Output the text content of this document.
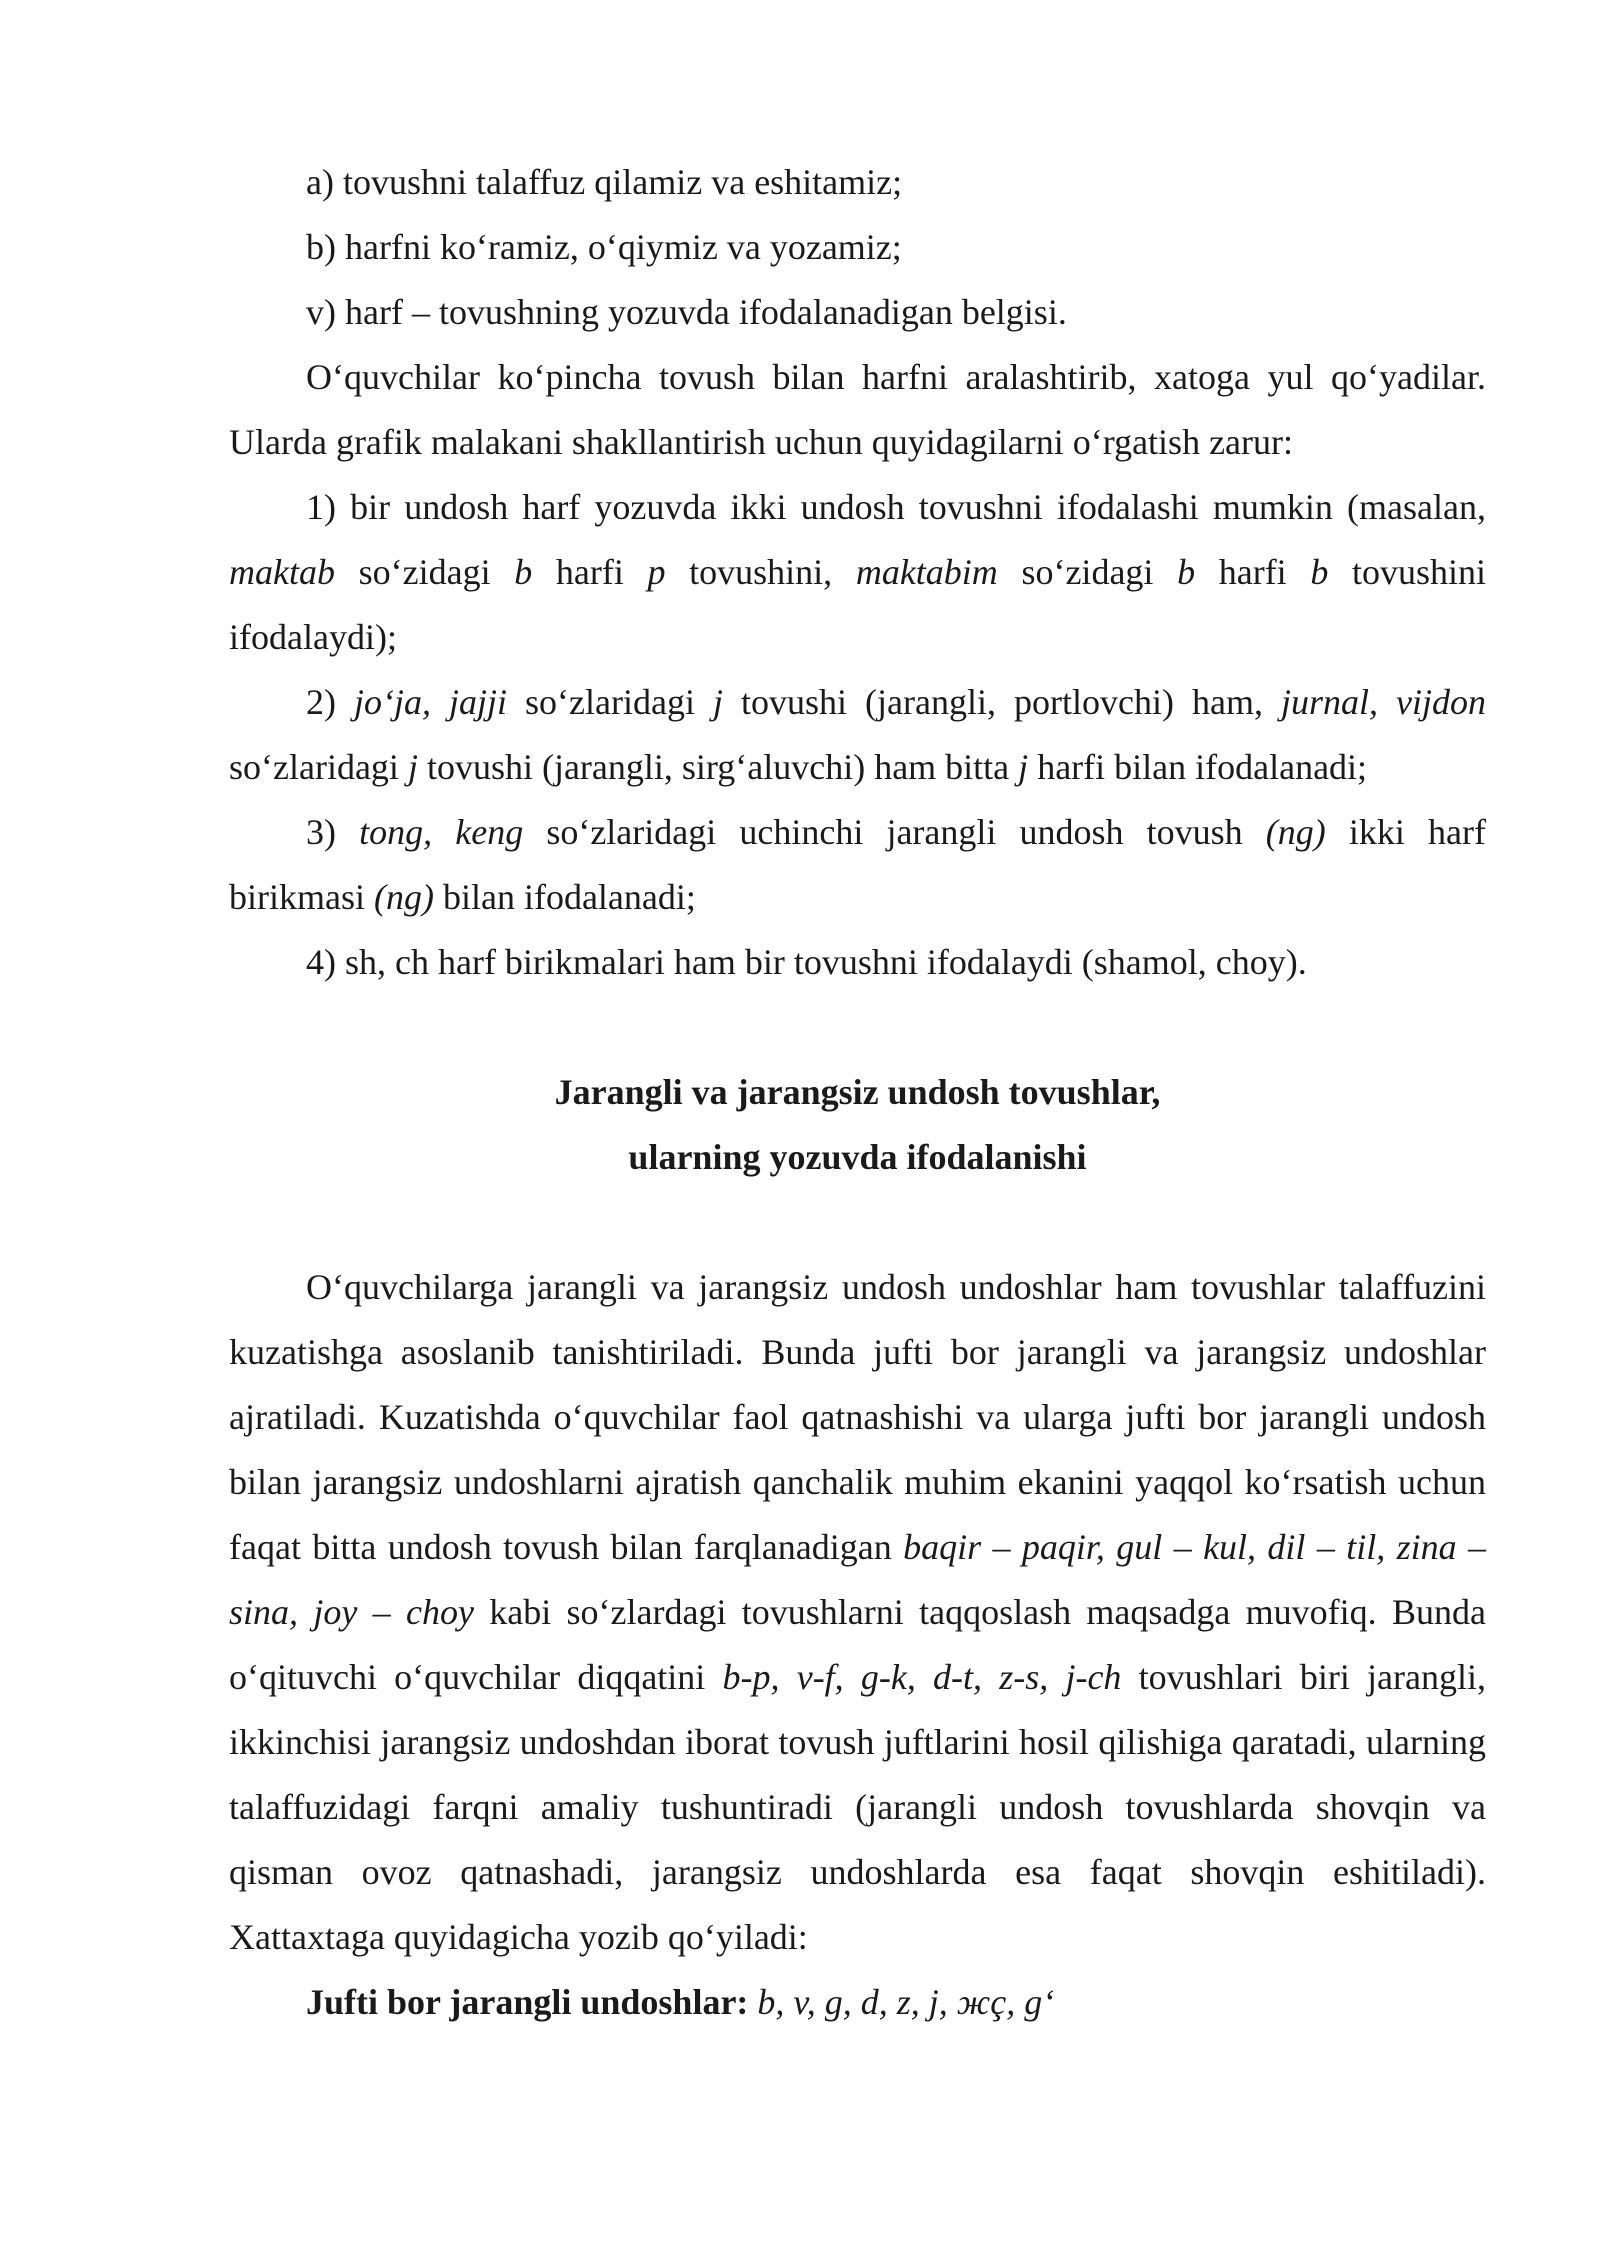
a) tovushni talaffuz qilamiz va eshitamiz;

b) harfni ko‘ramiz, o‘qiymiz va yozamiz;

v) harf – tovushning yozuvda ifodalanadigan belgisi.

O‘quvchilar ko‘pincha tovush bilan harfni aralashtirib, xatoga yul qo‘yadilar. Ularda grafik malakani shakllantirish uchun quyidagilarni o‘rgatish zarur:

1) bir undosh harf yozuvda ikki undosh tovushni ifodalashi mumkin (masalan, maktab so‘zidagi b harfi p tovushini, maktabim so‘zidagi b harfi b tovushini ifodalaydi);

2) jo‘ja, jajji so‘zlaridagi j tovushi (jarangli, portlovchi) ham, jurnal, vijdon so‘zlaridagi j tovushi (jarangli, sirg‘aluvchi) ham bitta j harfi bilan ifodalanadi;

3) tong, keng so‘zlaridagi uchinchi jarangli undosh tovush (ng) ikki harf birikmasi (ng) bilan ifodalanadi;

4) sh, ch harf birikmalari ham bir tovushni ifodalaydi (shamol, choy).

Jarangli va jarangsiz undosh tovushlar,
ularning yozuvda ifodalanishi

O‘quvchilarga jarangli va jarangsiz undosh undoshlar ham tovushlar talaffuzini kuzatishga asoslanib tanishtiriladi. Bunda jufti bor jarangli va jarangsiz undoshlar ajratiladi. Kuzatishda o‘quvchilar faol qatnashishi va ularga jufti bor jarangli undosh bilan jarangsiz undoshlarni ajratish qanchalik muhim ekanini yaqqol ko‘rsatish uchun faqat bitta undosh tovush bilan farqlanadigan baqir – paqir, gul – kul, dil – til, zina – sina, joy – choy kabi so‘zlardagi tovushlarni taqqoslash maqsadga muvofiq. Bunda o‘qituvchi o‘quvchilar diqqatini b-p, v-f, g-k, d-t, z-s, j-ch tovushlari biri jarangli, ikkinchisi jarangsiz undoshdan iborat tovush juftlarini hosil qilishiga qaratadi, ularning talaffuzidagi farqni amaliy tushuntiradi (jarangli undosh tovushlarda shovqin va qisman ovoz qatnashadi, jarangsiz undoshlarda esa faqat shovqin eshitiladi). Xattaxtaga quyidagicha yozib qo‘yiladi:

Jufti bor jarangli undoshlar: b, v, g, d, z, j, жç, g‘
